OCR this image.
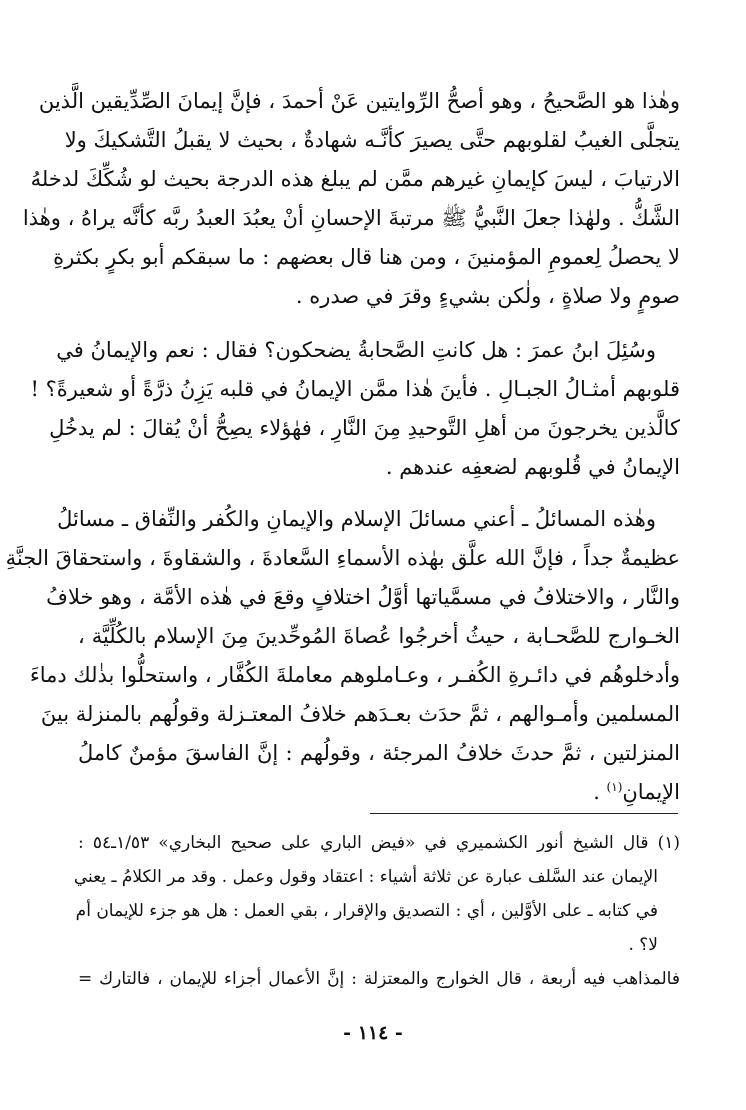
وهٰذا هو الصَّحيحُ ، وهو أصحُّ الرِّوايتين عَنْ أحمدَ ، فإنَّ إيمانَ الصِّدِّيقين الَّذين
يتجلَّى الغيبُ لقلوبهم حتَّى يصيرَ كأنَّـه شهادةٌ ، بحيث لا يقبلُ التَّشكيكَ ولا
الارتيابَ ، ليسَ كإيمانِ غيرهم ممَّن لم يبلغ هذه الدرجة بحيث لو شُكِّكَ لدخلهُ
الشَّكُّ . ولهٰذا جعلَ النَّبيُّ ﷺ مرتبةَ الإحسانِ أنْ يعبُدَ العبدُ ربَّه كأنَّه يراهُ ، وهٰذا
لا يحصلُ لِعمومِ المؤمنينَ ، ومن هنا قال بعضهم : ما سبقكم أبو بكرٍ بكثرةِ
صومٍ ولا صلاةٍ ، ولٰكن بشيءٍ وقرَ في صدره .
وسُئِلَ ابنُ عمرَ : هل كانتِ الصَّحابةُ يضحكون؟ فقال : نعم والإيمانُ في
قلوبهم أمثـالُ الجبـالِ . فأينَ هٰذا ممَّن الإيمانُ في قلبه يَزِنُ ذرَّةً أو شعيرةً؟ !
كالَّذين يخرجونَ من أهلِ التَّوحيدِ مِنَ النَّارِ ، فهٰؤلاء يصِحُّ أنْ يُقالَ : لم يدخُلِ
الإيمانُ في قُلوبهم لضعفِه عندهم .
وهٰذه المسائلُ ـ أعني مسائلَ الإسلام والإيمانِ والكُفر والنِّفاق ـ مسائلُ
عظيمةٌ جداً ، فإنَّ الله علَّق بهٰذه الأسماءِ السَّعادةَ ، والشقاوةَ ، واستحقاقَ الجنَّةِ
والنَّار ، والاختلافُ في مسمَّياتها أوَّلُ اختلافٍ وقعَ في هٰذه الأمَّة ، وهو خلافُ
الخـوارج للصَّحـابة ، حيثُ أخرجُوا عُصاةَ المُوحِّدينَ مِنَ الإسلام بالكُلِّيَّة ،
وأدخلوهُم في دائـرةِ الكُفـر ، وعـاملوهم معاملةَ الكُفَّار ، واستحلُّوا بذٰلك دماءَ
المسلمين وأمـوالهم ، ثمَّ حدَث بعـدَهم خلافُ المعتـزلة وقولُهم بالمنزلة بينَ
المنزلتين ، ثمَّ حدثَ خلافُ المرجئة ، وقولُهم : إنَّ الفاسقَ مؤمنٌ كاملُ
الإيمانِ$^{(١)}$ .
(١) قال الشيخ أنور الكشميري في «فيض الباري على صحيح البخاري» ١/٥٣ـ٥٤ :
الإيمان عند السَّلف عبارة عن ثلاثة أشياء : اعتقاد وقول وعمل . وقد مر الكلامُ ـ يعني
في كتابه ـ على الأوَّلين ، أي : التصديق والإقرار ، بقي العمل : هل هو جزء للإيمان أم
لا؟ .
فالمذاهب فيه أربعة ، قال الخوارج والمعتزلة : إنَّ الأعمال أجزاء للإيمان ، فالتارك =
- ١١٤ -
